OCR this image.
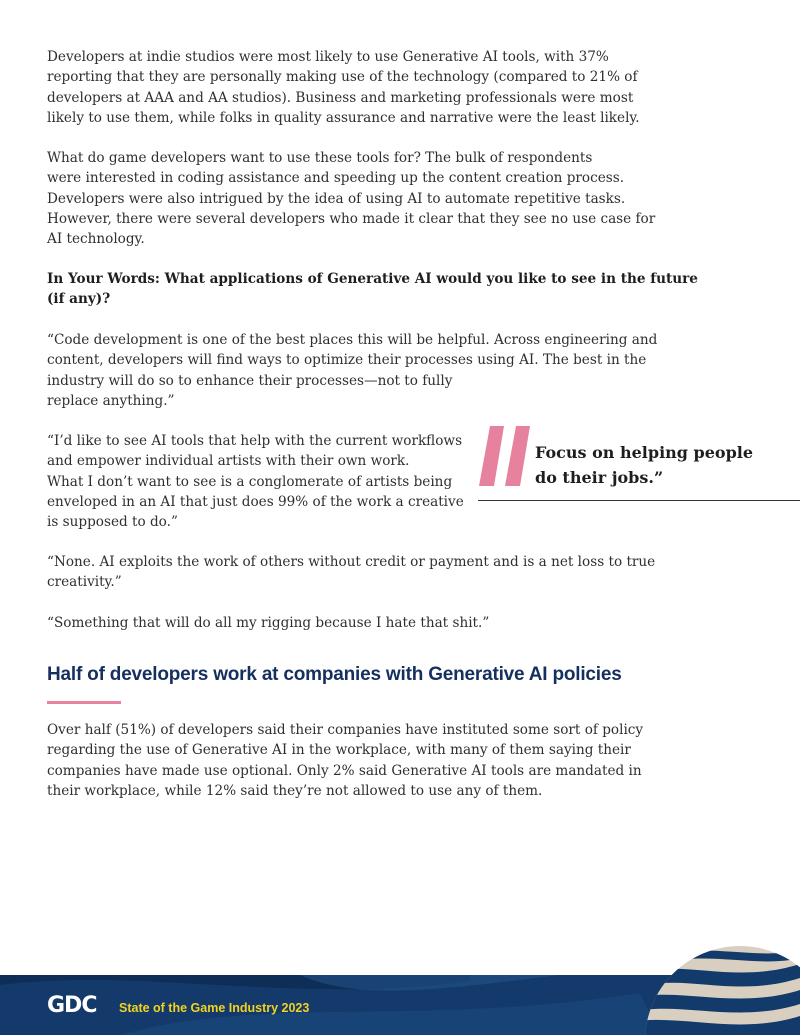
Developers at indie studios were most likely to use Generative AI tools, with 37%
reporting that they are personally making use of the technology (compared to 21% of
developers at AAA and AA studios). Business and marketing professionals were most
likely to use them, while folks in quality assurance and narrative were the least likely.

What do game developers want to use these tools for? The bulk of respondents
were interested in coding assistance and speeding up the content creation process.
Developers were also intrigued by the idea of using AI to automate repetitive tasks.
However, there were several developers who made it clear that they see no use case for
AI technology.

In Your Words: What applications of Generative AI would you like to see in the future
(if any)?

“Code development is one of the best places this will be helpful. Across engineering and
content, developers will find ways to optimize their processes using AI. The best in the
industry will do so to enhance their processes—not to fully
replace anything.”

“I’d like to see AI tools that help with the current workflows
and empower individual artists with their own work.
What I don’t want to see is a conglomerate of artists being
enveloped in an AI that just does 99% of the work a creative
is supposed to do.”

“None. AI exploits the work of others without credit or payment and is a net loss to true
creativity.”

“Something that will do all my rigging because I hate that shit.”

Focus on helping people
do their jobs.”

Half of developers work at companies with Generative AI policies

Over half (51%) of developers said their companies have instituted some sort of policy
regarding the use of Generative AI in the workplace, with many of them saying their
companies have made use optional. Only 2% said Generative AI tools are mandated in
their workplace, while 12% said they’re not allowed to use any of them.

GDC State of the Game Industry 2023
